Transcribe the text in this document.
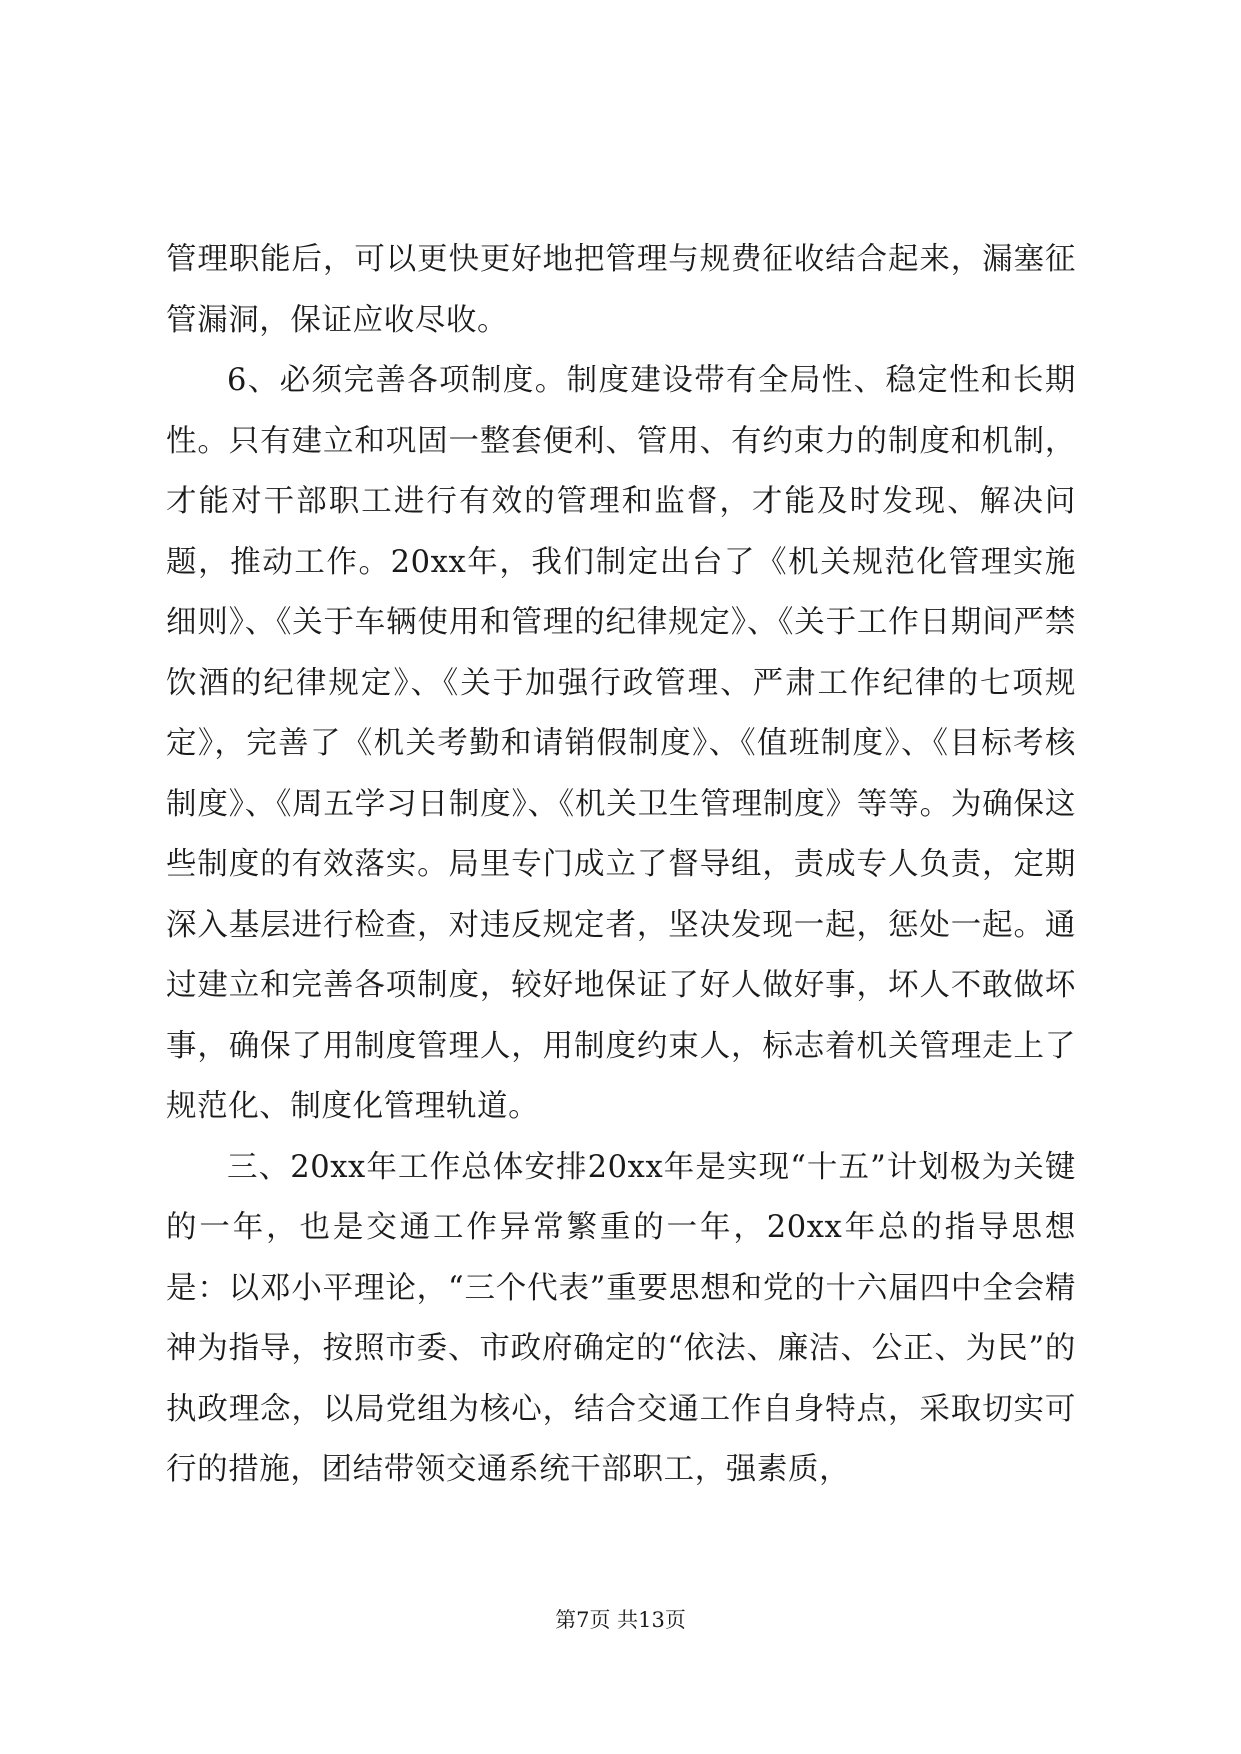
管理职能后，可以更快更好地把管理与规费征收结合起来，漏塞征管漏洞，保证应收尽收。

6、必须完善各项制度。制度建设带有全局性、稳定性和长期性。只有建立和巩固一整套便利、管用、有约束力的制度和机制，才能对干部职工进行有效的管理和监督，才能及时发现、解决问题，推动工作。20xx年，我们制定出台了《机关规范化管理实施细则》、《关于车辆使用和管理的纪律规定》、《关于工作日期间严禁饮酒的纪律规定》、《关于加强行政管理、严肃工作纪律的七项规定》，完善了《机关考勤和请销假制度》、《值班制度》、《目标考核制度》、《周五学习日制度》、《机关卫生管理制度》等等。为确保这些制度的有效落实。局里专门成立了督导组，责成专人负责，定期深入基层进行检查，对违反规定者，坚决发现一起，惩处一起。通过建立和完善各项制度，较好地保证了好人做好事，坏人不敢做坏事，确保了用制度管理人，用制度约束人，标志着机关管理走上了规范化、制度化管理轨道。

三、20xx年工作总体安排20xx年是实现“十五”计划极为关键的一年，也是交通工作异常繁重的一年，20xx年总的指导思想是：以邓小平理论，“三个代表”重要思想和党的十六届四中全会精神为指导，按照市委、市政府确定的“依法、廉洁、公正、为民”的执政理念，以局党组为核心，结合交通工作自身特点，采取切实可行的措施，团结带领交通系统干部职工，强素质，

第7页 共13页
